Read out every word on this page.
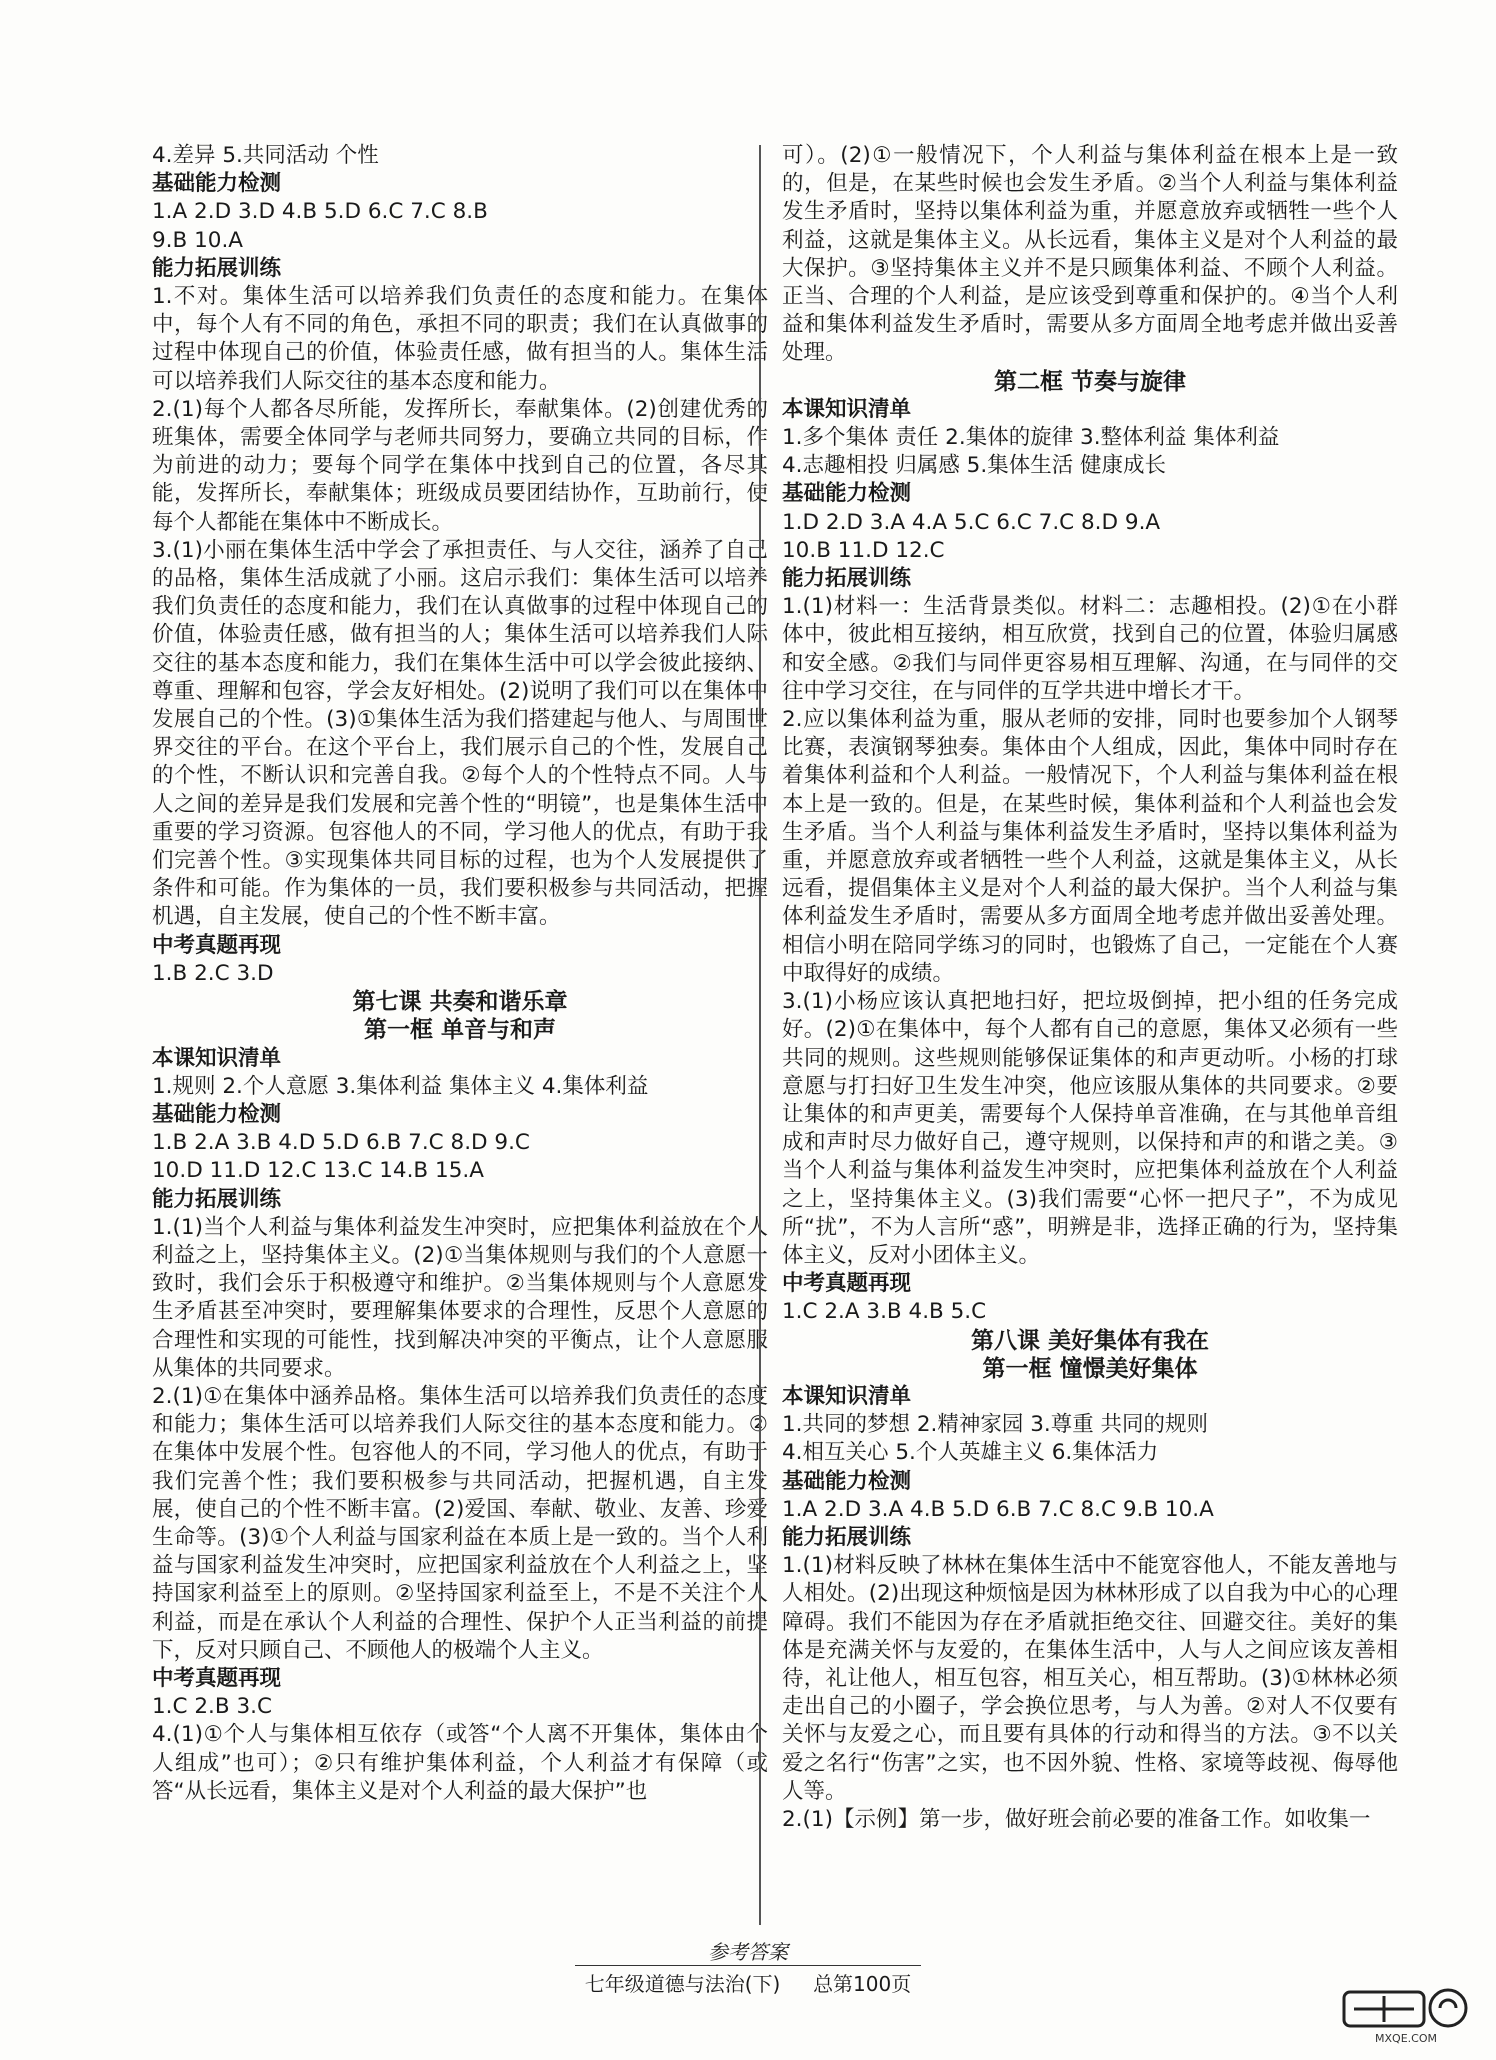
4.差异 5.共同活动 个性
基础能力检测
1.A 2.D 3.D 4.B 5.D 6.C 7.C 8.B
9.B 10.A
能力拓展训练
1.不对。集体生活可以培养我们负责任的态度和能力。在集体中，每个人有不同的角色，承担不同的职责；我们在认真做事的过程中体现自己的价值，体验责任感，做有担当的人。集体生活可以培养我们人际交往的基本态度和能力。
2.(1)每个人都各尽所能，发挥所长，奉献集体。(2)创建优秀的班集体，需要全体同学与老师共同努力，要确立共同的目标，作为前进的动力；要每个同学在集体中找到自己的位置，各尽其能，发挥所长，奉献集体；班级成员要团结协作，互助前行，使每个人都能在集体中不断成长。
3.(1)小丽在集体生活中学会了承担责任、与人交往，涵养了自己的品格，集体生活成就了小丽。这启示我们：集体生活可以培养我们负责任的态度和能力，我们在认真做事的过程中体现自己的价值，体验责任感，做有担当的人；集体生活可以培养我们人际交往的基本态度和能力，我们在集体生活中可以学会彼此接纳、尊重、理解和包容，学会友好相处。(2)说明了我们可以在集体中发展自己的个性。(3)①集体生活为我们搭建起与他人、与周围世界交往的平台。在这个平台上，我们展示自己的个性，发展自己的个性，不断认识和完善自我。②每个人的个性特点不同。人与人之间的差异是我们发展和完善个性的“明镜”，也是集体生活中重要的学习资源。包容他人的不同，学习他人的优点，有助于我们完善个性。③实现集体共同目标的过程，也为个人发展提供了条件和可能。作为集体的一员，我们要积极参与共同活动，把握机遇，自主发展，使自己的个性不断丰富。
中考真题再现
1.B 2.C 3.D
第七课 共奏和谐乐章
第一框 单音与和声
本课知识清单
1.规则 2.个人意愿 3.集体利益 集体主义 4.集体利益
基础能力检测
1.B 2.A 3.B 4.D 5.D 6.B 7.C 8.D 9.C
10.D 11.D 12.C 13.C 14.B 15.A
能力拓展训练
1.(1)当个人利益与集体利益发生冲突时，应把集体利益放在个人利益之上，坚持集体主义。(2)①当集体规则与我们的个人意愿一致时，我们会乐于积极遵守和维护。②当集体规则与个人意愿发生矛盾甚至冲突时，要理解集体要求的合理性，反思个人意愿的合理性和实现的可能性，找到解决冲突的平衡点，让个人意愿服从集体的共同要求。
2.(1)①在集体中涵养品格。集体生活可以培养我们负责任的态度和能力；集体生活可以培养我们人际交往的基本态度和能力。②在集体中发展个性。包容他人的不同，学习他人的优点，有助于我们完善个性；我们要积极参与共同活动，把握机遇，自主发展，使自己的个性不断丰富。(2)爱国、奉献、敬业、友善、珍爱生命等。(3)①个人利益与国家利益在本质上是一致的。当个人利益与国家利益发生冲突时，应把国家利益放在个人利益之上，坚持国家利益至上的原则。②坚持国家利益至上，不是不关注个人利益，而是在承认个人利益的合理性、保护个人正当利益的前提下，反对只顾自己、不顾他人的极端个人主义。
中考真题再现
1.C 2.B 3.C
4.(1)①个人与集体相互依存（或答“个人离不开集体，集体由个人组成”也可）；②只有维护集体利益，个人利益才有保障（或答“从长远看，集体主义是对个人利益的最大保护”也
可）。(2)①一般情况下，个人利益与集体利益在根本上是一致的，但是，在某些时候也会发生矛盾。②当个人利益与集体利益发生矛盾时，坚持以集体利益为重，并愿意放弃或牺牲一些个人利益，这就是集体主义。从长远看，集体主义是对个人利益的最大保护。③坚持集体主义并不是只顾集体利益、不顾个人利益。正当、合理的个人利益，是应该受到尊重和保护的。④当个人利益和集体利益发生矛盾时，需要从多方面周全地考虑并做出妥善处理。
第二框 节奏与旋律
本课知识清单
1.多个集体 责任 2.集体的旋律 3.整体利益 集体利益
4.志趣相投 归属感 5.集体生活 健康成长
基础能力检测
1.D 2.D 3.A 4.A 5.C 6.C 7.C 8.D 9.A
10.B 11.D 12.C
能力拓展训练
1.(1)材料一：生活背景类似。材料二：志趣相投。(2)①在小群体中，彼此相互接纳，相互欣赏，找到自己的位置，体验归属感和安全感。②我们与同伴更容易相互理解、沟通，在与同伴的交往中学习交往，在与同伴的互学共进中增长才干。
2.应以集体利益为重，服从老师的安排，同时也要参加个人钢琴比赛，表演钢琴独奏。集体由个人组成，因此，集体中同时存在着集体利益和个人利益。一般情况下，个人利益与集体利益在根本上是一致的。但是，在某些时候，集体利益和个人利益也会发生矛盾。当个人利益与集体利益发生矛盾时，坚持以集体利益为重，并愿意放弃或者牺牲一些个人利益，这就是集体主义，从长远看，提倡集体主义是对个人利益的最大保护。当个人利益与集体利益发生矛盾时，需要从多方面周全地考虑并做出妥善处理。相信小明在陪同学练习的同时，也锻炼了自己，一定能在个人赛中取得好的成绩。
3.(1)小杨应该认真把地扫好，把垃圾倒掉，把小组的任务完成好。(2)①在集体中，每个人都有自己的意愿，集体又必须有一些共同的规则。这些规则能够保证集体的和声更动听。小杨的打球意愿与打扫好卫生发生冲突，他应该服从集体的共同要求。②要让集体的和声更美，需要每个人保持单音准确，在与其他单音组成和声时尽力做好自己，遵守规则，以保持和声的和谐之美。③当个人利益与集体利益发生冲突时，应把集体利益放在个人利益之上，坚持集体主义。(3)我们需要“心怀一把尺子”，不为成见所“扰”，不为人言所“惑”，明辨是非，选择正确的行为，坚持集体主义，反对小团体主义。
中考真题再现
1.C 2.A 3.B 4.B 5.C
第八课 美好集体有我在
第一框 憧憬美好集体
本课知识清单
1.共同的梦想 2.精神家园 3.尊重 共同的规则
4.相互关心 5.个人英雄主义 6.集体活力
基础能力检测
1.A 2.D 3.A 4.B 5.D 6.B 7.C 8.C 9.B 10.A
能力拓展训练
1.(1)材料反映了林林在集体生活中不能宽容他人，不能友善地与人相处。(2)出现这种烦恼是因为林林形成了以自我为中心的心理障碍。我们不能因为存在矛盾就拒绝交往、回避交往。美好的集体是充满关怀与友爱的，在集体生活中，人与人之间应该友善相待，礼让他人，相互包容，相互关心，相互帮助。(3)①林林必须走出自己的小圈子，学会换位思考，与人为善。②对人不仅要有关怀与友爱之心，而且要有具体的行动和得当的方法。③不以关爱之名行“伤害”之实，也不因外貌、性格、家境等歧视、侮辱他人等。
2.(1)【示例】第一步，做好班会前必要的准备工作。如收集一
参考答案
七年级道德与法治(下) 总第100页
MXQE.COM
